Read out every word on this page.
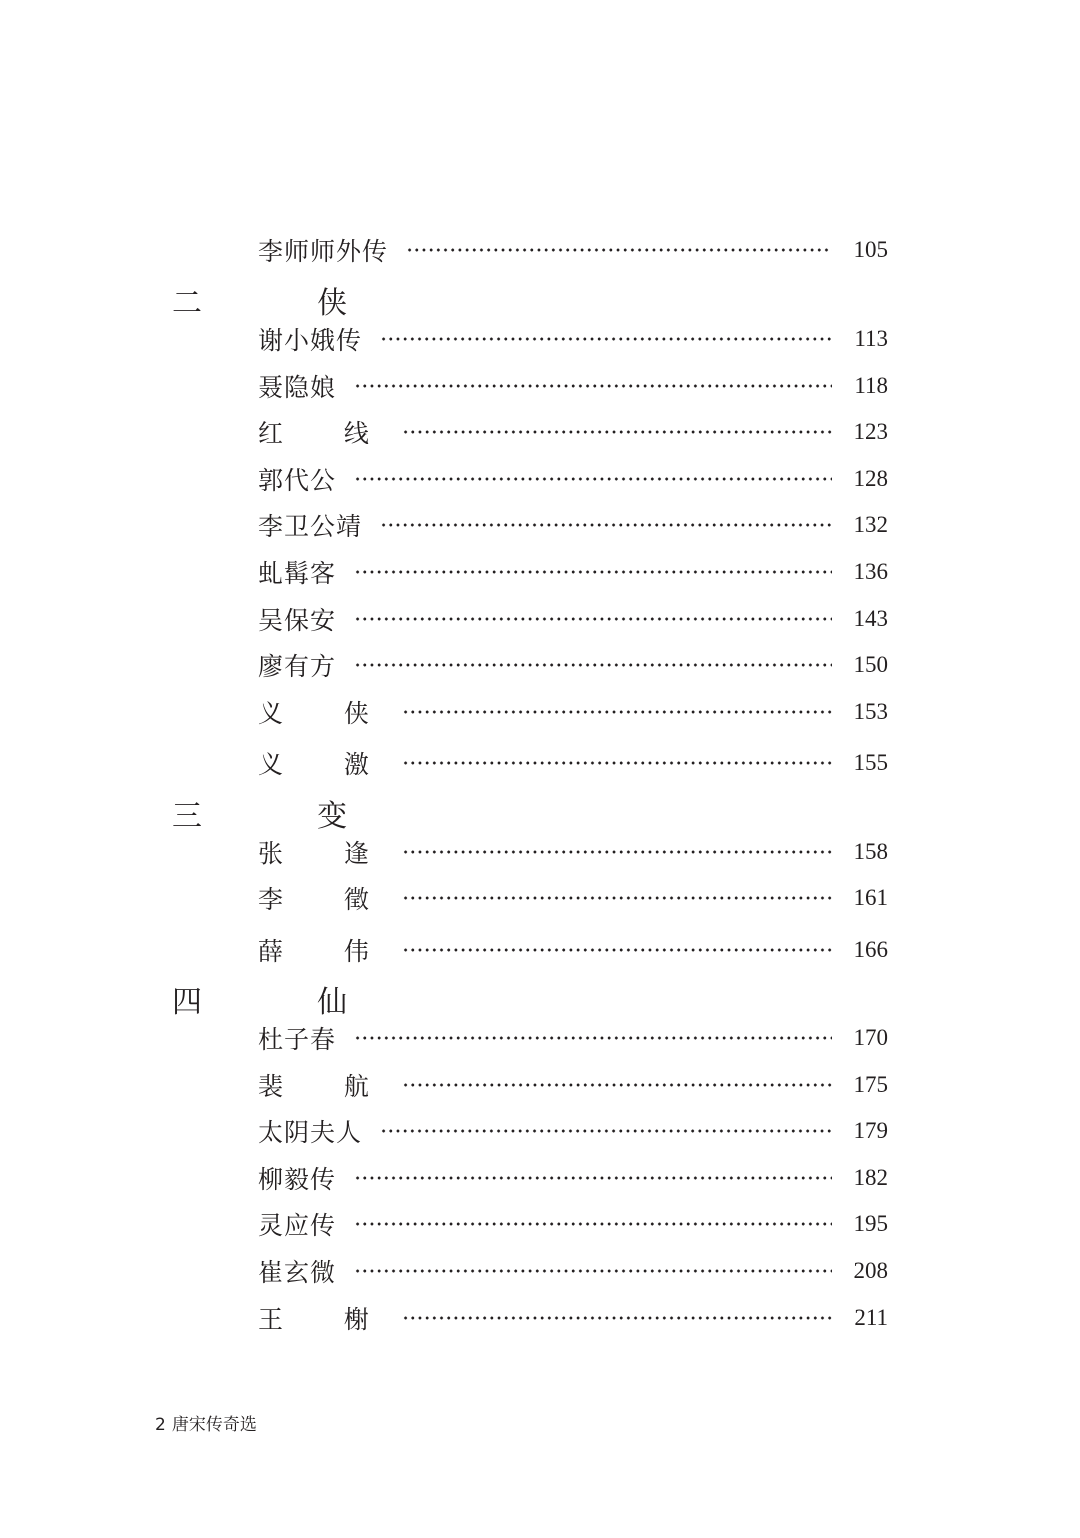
李师师外传	105
二  侠
谢小娥传	113
聂隐娘	118
红  线	123
郭代公	128
李卫公靖	132
虬髯客	136
吴保安	143
廖有方	150
义  侠	153
义  激	155
三  变
张  逢	158
李  徵	161
薛  伟	166
四  仙
杜子春	170
裴  航	175
太阴夫人	179
柳毅传	182
灵应传	195
崔玄微	208
王  榭	211
2 唐宋传奇选
